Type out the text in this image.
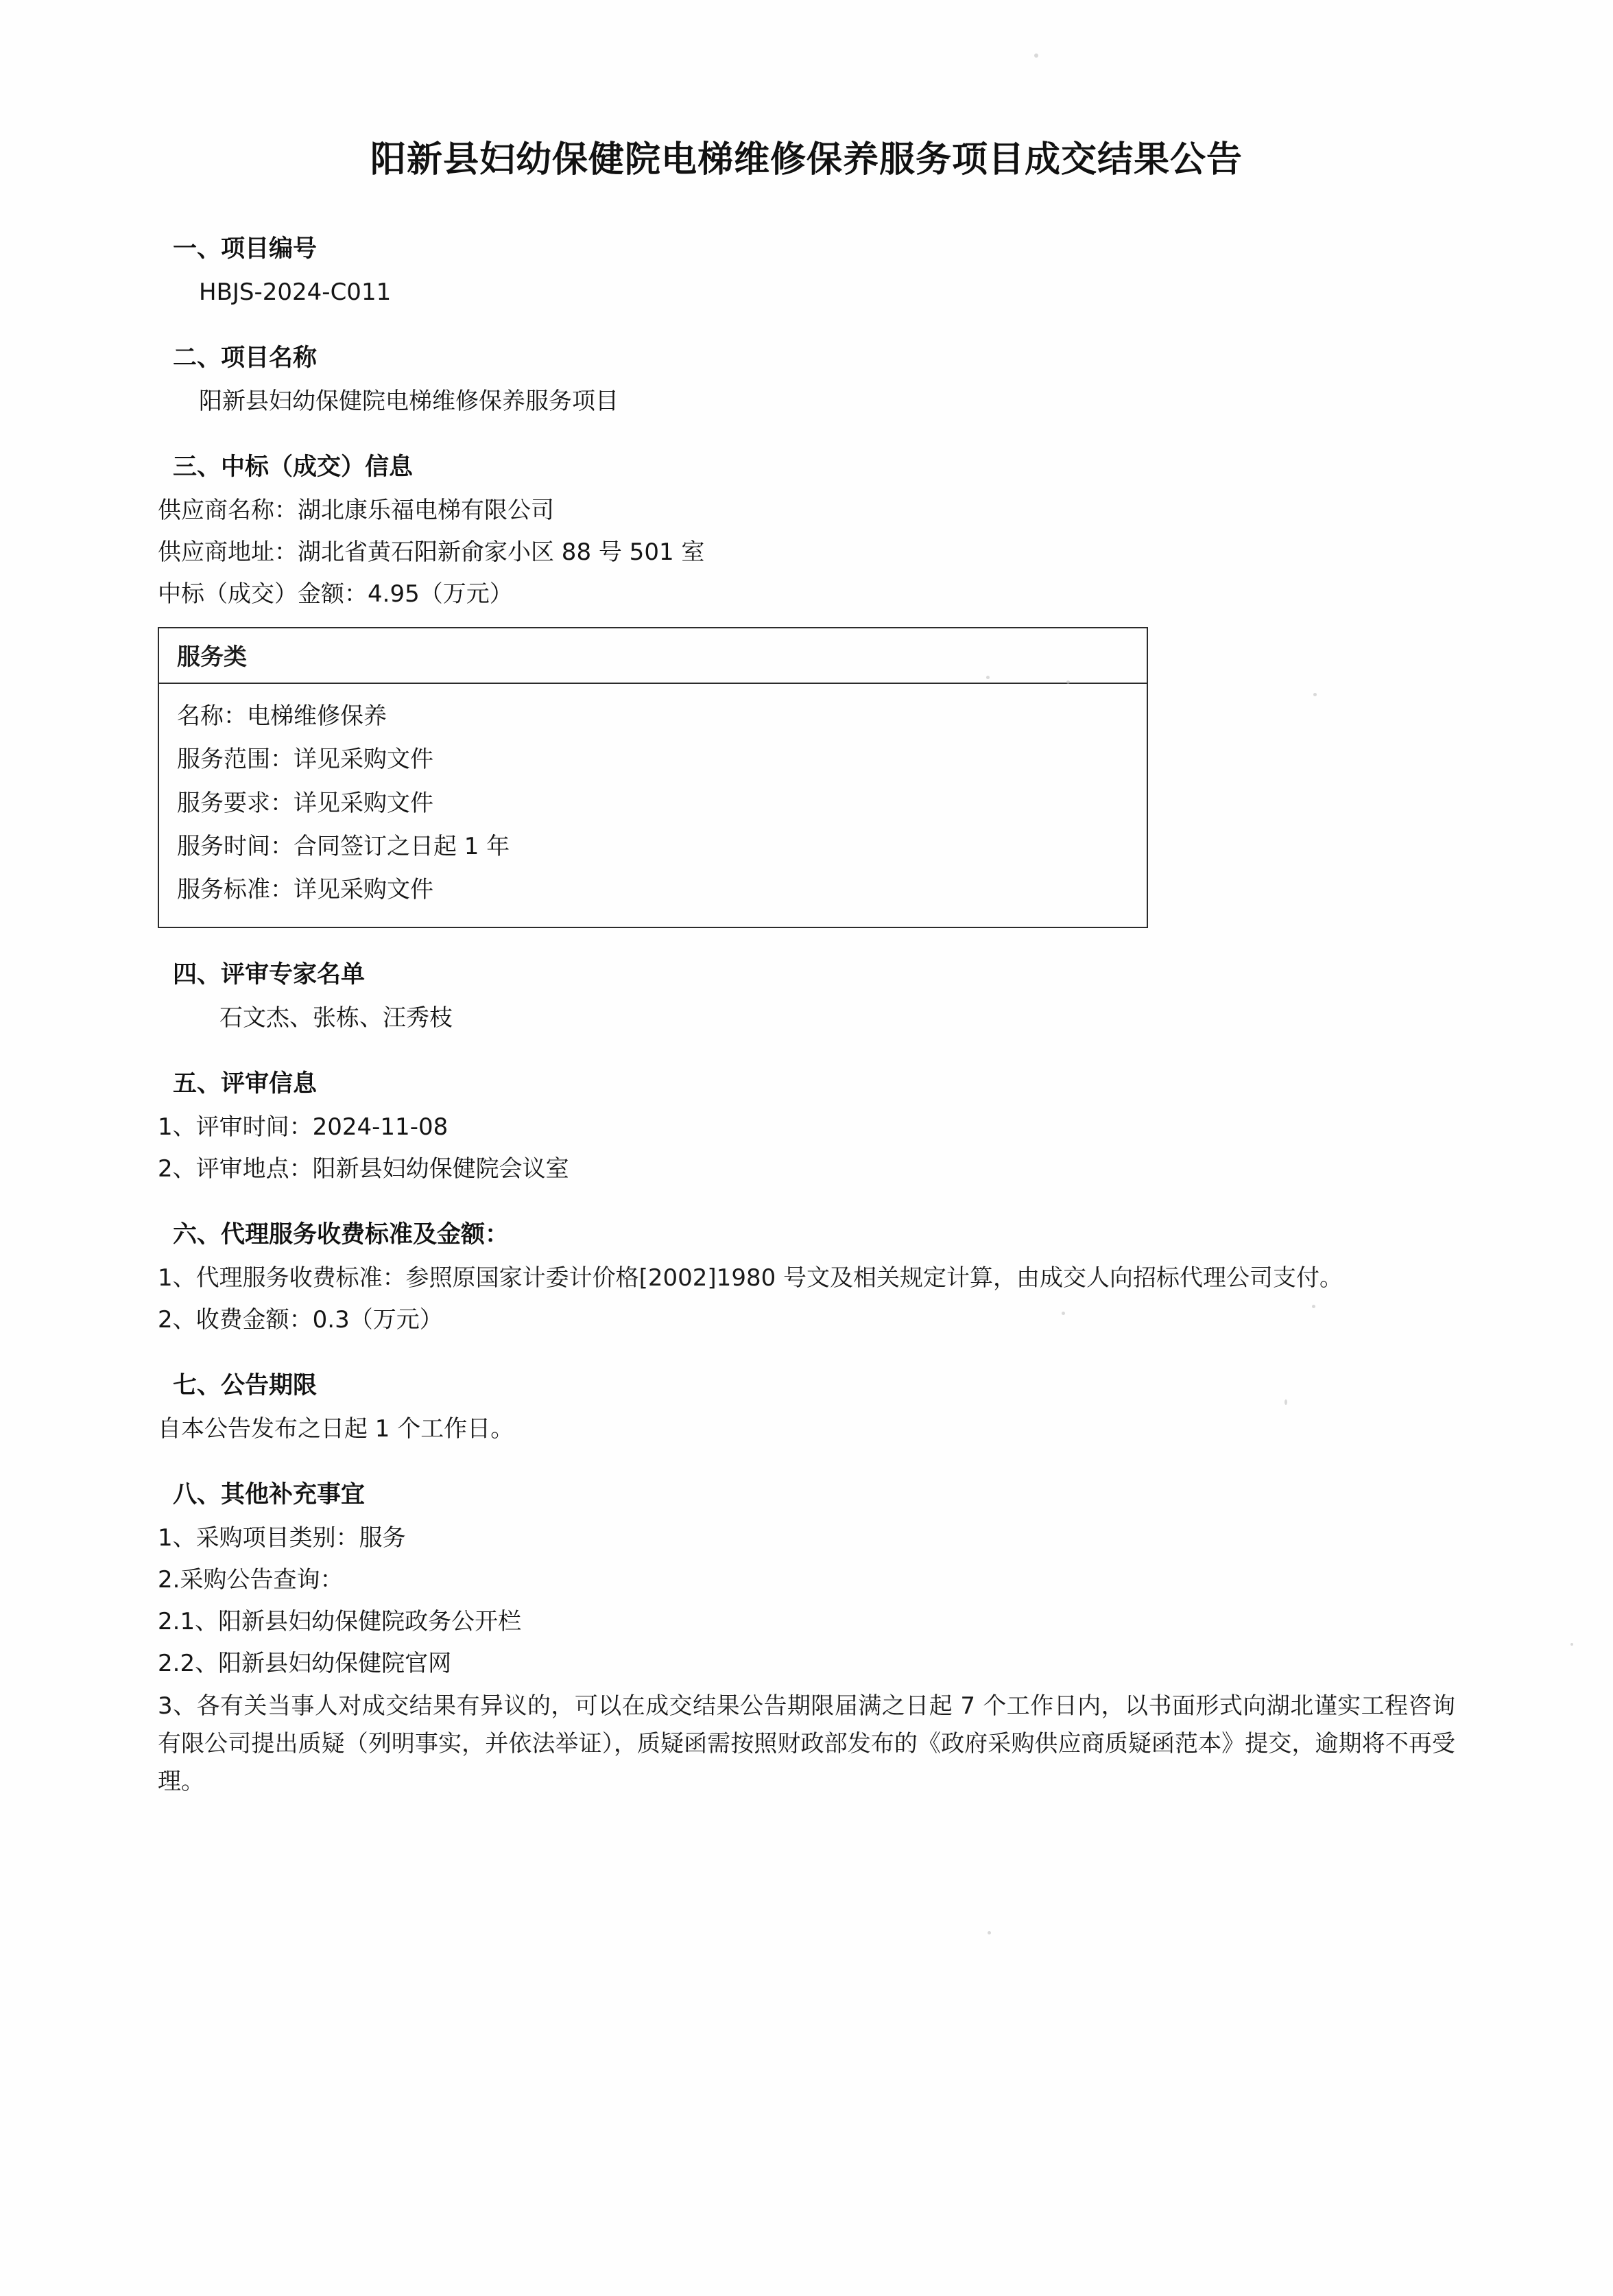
阳新县妇幼保健院电梯维修保养服务项目成交结果公告
一、项目编号
HBJS-2024-C011
二、项目名称
阳新县妇幼保健院电梯维修保养服务项目
三、中标（成交）信息
供应商名称：湖北康乐福电梯有限公司
供应商地址：湖北省黄石阳新俞家小区 88 号 501 室
中标（成交）金额：4.95（万元）
服务类
名称：电梯维修保养
服务范围：详见采购文件
服务要求：详见采购文件
服务时间：合同签订之日起 1 年
服务标准：详见采购文件
四、评审专家名单
石文杰、张栋、汪秀枝
五、评审信息
1、评审时间：2024-11-08
2、评审地点：阳新县妇幼保健院会议室
六、代理服务收费标准及金额：
1、代理服务收费标准：参照原国家计委计价格[2002]1980 号文及相关规定计算，由成交人向招标代理公司支付。
2、收费金额：0.3（万元）
七、公告期限
自本公告发布之日起 1 个工作日。
八、其他补充事宜
1、采购项目类别：服务
2.采购公告查询：
2.1、阳新县妇幼保健院政务公开栏
2.2、阳新县妇幼保健院官网
3、各有关当事人对成交结果有异议的，可以在成交结果公告期限届满之日起 7 个工作日内，以书面形式向湖北谨实工程咨询有限公司提出质疑（列明事实，并依法举证），质疑函需按照财政部发布的《政府采购供应商质疑函范本》提交，逾期将不再受理。
